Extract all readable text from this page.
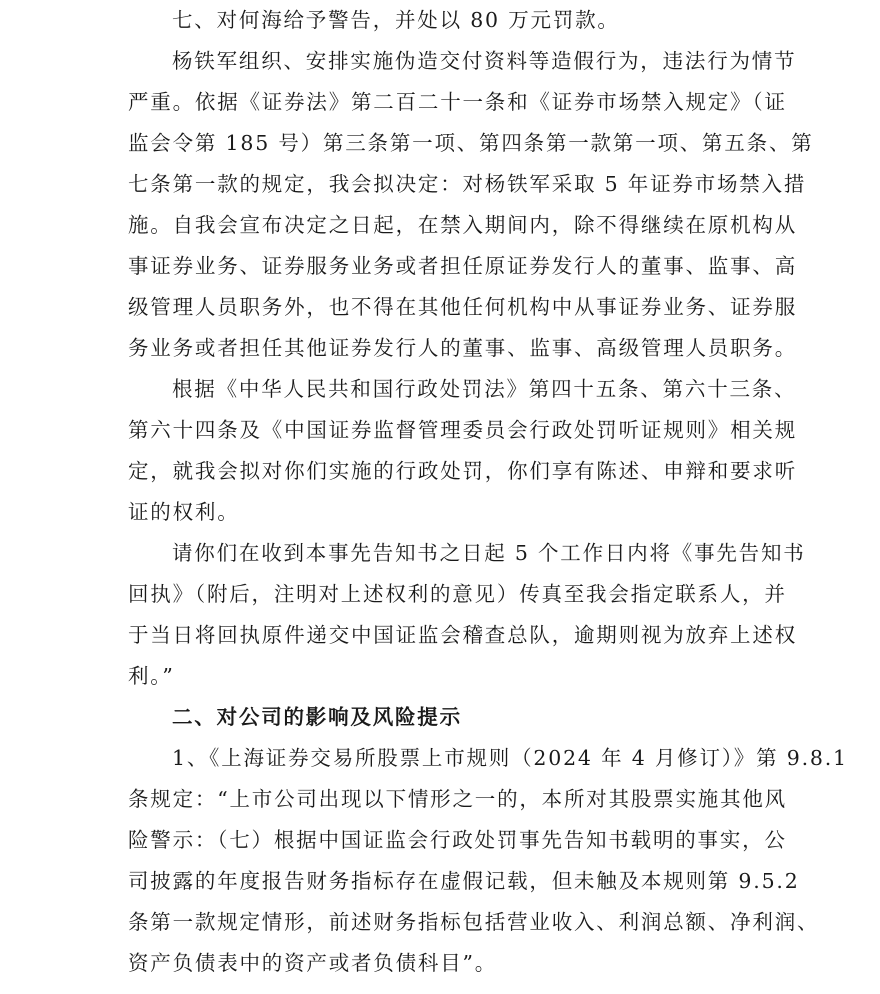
七、对何海给予警告，并处以 80 万元罚款。
杨铁军组织、安排实施伪造交付资料等造假行为，违法行为情节
严重。依据《证券法》第二百二十一条和《证券市场禁入规定》（证
监会令第 185 号）第三条第一项、第四条第一款第一项、第五条、第
七条第一款的规定，我会拟决定：对杨铁军采取 5 年证券市场禁入措
施。自我会宣布决定之日起，在禁入期间内，除不得继续在原机构从
事证券业务、证券服务业务或者担任原证券发行人的董事、监事、高
级管理人员职务外，也不得在其他任何机构中从事证券业务、证券服
务业务或者担任其他证券发行人的董事、监事、高级管理人员职务。
根据《中华人民共和国行政处罚法》第四十五条、第六十三条、
第六十四条及《中国证券监督管理委员会行政处罚听证规则》相关规
定，就我会拟对你们实施的行政处罚，你们享有陈述、申辩和要求听
证的权利。
请你们在收到本事先告知书之日起 5 个工作日内将《事先告知书
回执》（附后，注明对上述权利的意见）传真至我会指定联系人，并
于当日将回执原件递交中国证监会稽查总队，逾期则视为放弃上述权
利。”
二、对公司的影响及风险提示
1、《上海证券交易所股票上市规则（2024 年 4 月修订）》第 9.8.1
条规定：“上市公司出现以下情形之一的，本所对其股票实施其他风
险警示：（七）根据中国证监会行政处罚事先告知书载明的事实，公
司披露的年度报告财务指标存在虚假记载，但未触及本规则第 9.5.2
条第一款规定情形，前述财务指标包括营业收入、利润总额、净利润、
资产负债表中的资产或者负债科目”。
